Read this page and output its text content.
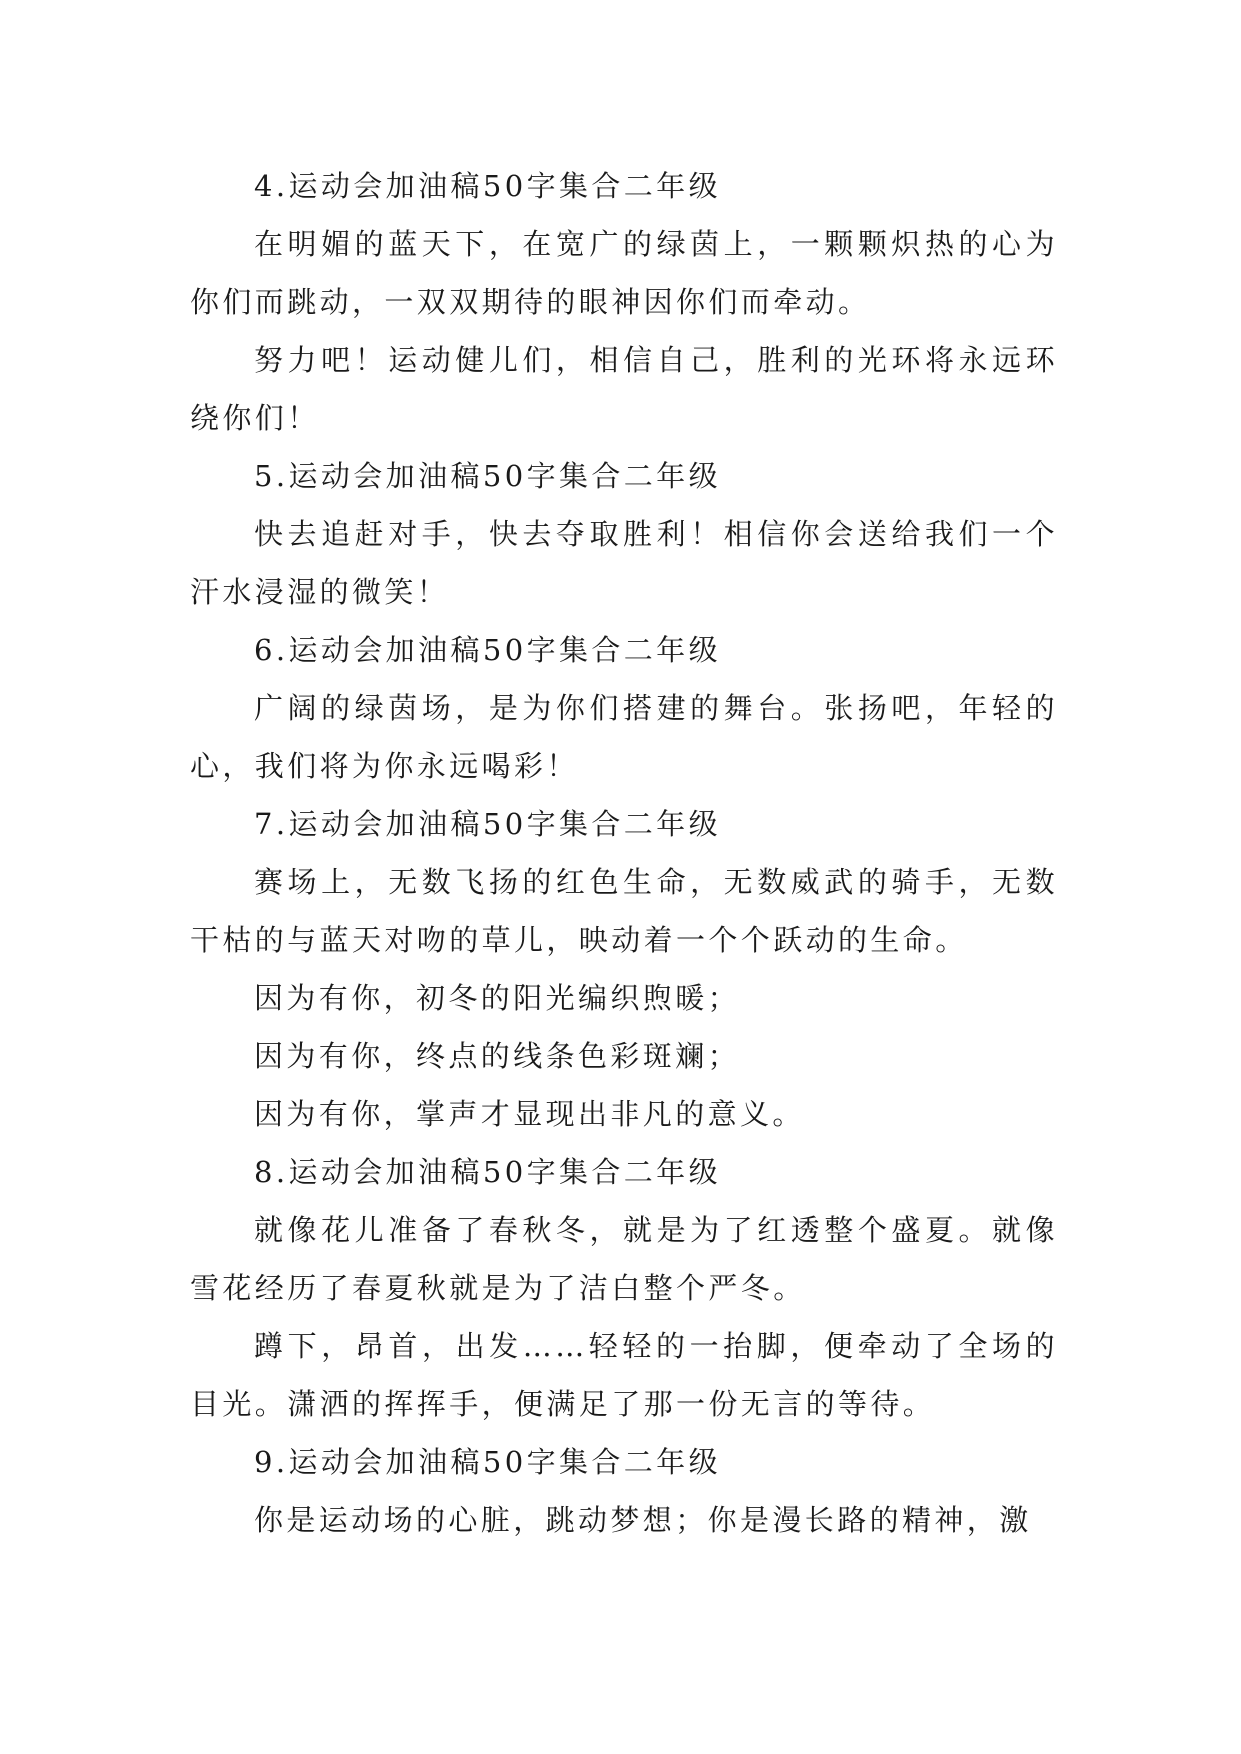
4.运动会加油稿50字集合二年级

在明媚的蓝天下，在宽广的绿茵上，一颗颗炽热的心为你们而跳动，一双双期待的眼神因你们而牵动。

努力吧！运动健儿们，相信自己，胜利的光环将永远环绕你们！

5.运动会加油稿50字集合二年级

快去追赶对手，快去夺取胜利！相信你会送给我们一个汗水浸湿的微笑！

6.运动会加油稿50字集合二年级

广阔的绿茵场，是为你们搭建的舞台。张扬吧，年轻的心，我们将为你永远喝彩！

7.运动会加油稿50字集合二年级

赛场上，无数飞扬的红色生命，无数威武的骑手，无数干枯的与蓝天对吻的草儿，映动着一个个跃动的生命。

因为有你，初冬的阳光编织煦暖；

因为有你，终点的线条色彩斑斓；

因为有你，掌声才显现出非凡的意义。

8.运动会加油稿50字集合二年级

就像花儿准备了春秋冬，就是为了红透整个盛夏。就像雪花经历了春夏秋就是为了洁白整个严冬。

蹲下，昂首，出发……轻轻的一抬脚，便牵动了全场的目光。潇洒的挥挥手，便满足了那一份无言的等待。

9.运动会加油稿50字集合二年级

你是运动场的心脏，跳动梦想；你是漫长路的精神，激
